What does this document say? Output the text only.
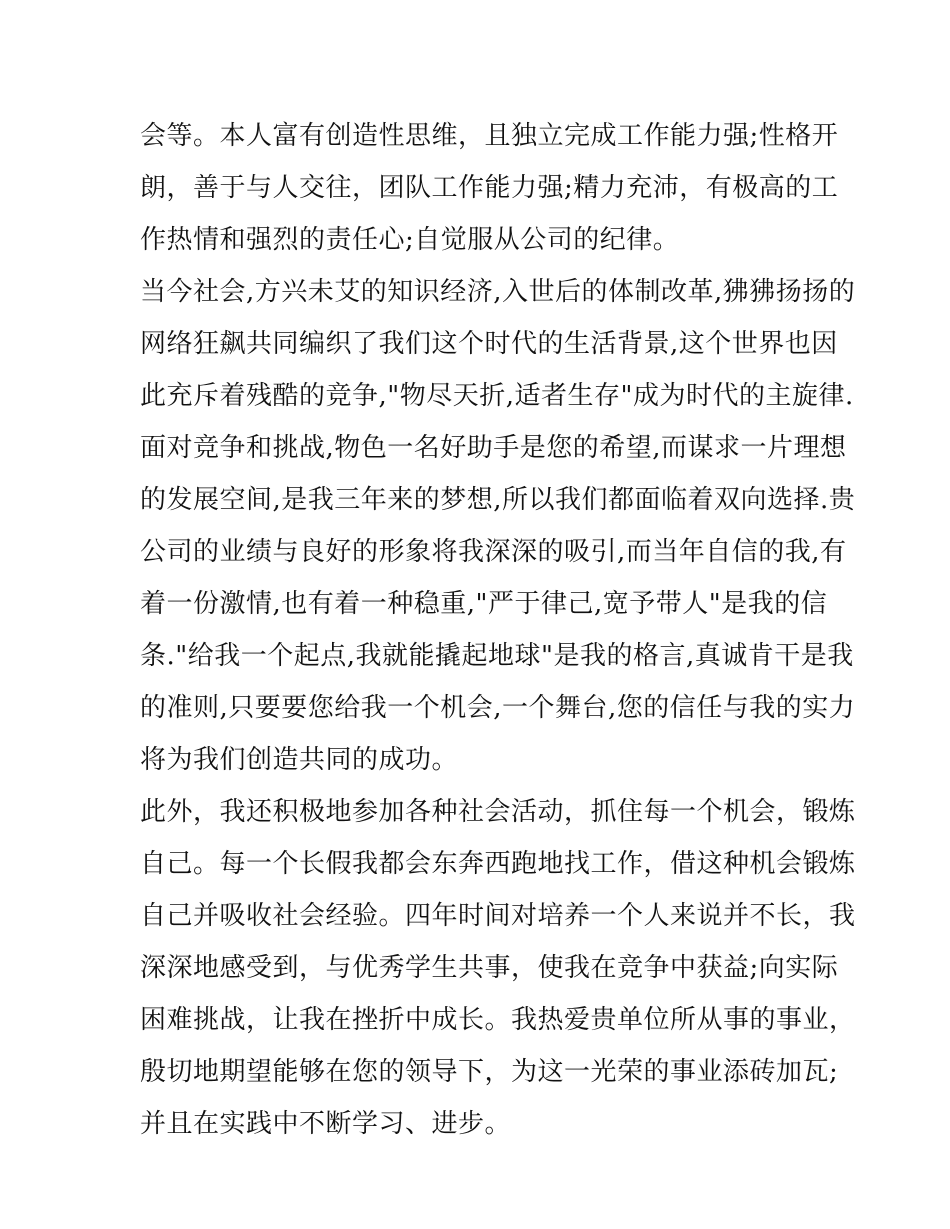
会等。本人富有创造性思维，且独立完成工作能力强;性格开
朗，善于与人交往，团队工作能力强;精力充沛，有极高的工
作热情和强烈的责任心;自觉服从公司的纪律。
当今社会,方兴未艾的知识经济,入世后的体制改革,狒狒扬扬的
网络狂飙共同编织了我们这个时代的生活背景,这个世界也因
此充斥着残酷的竞争,"物尽天折,适者生存"成为时代的主旋律.
面对竞争和挑战,物色一名好助手是您的希望,而谋求一片理想
的发展空间,是我三年来的梦想,所以我们都面临着双向选择.贵
公司的业绩与良好的形象将我深深的吸引,而当年自信的我,有
着一份激情,也有着一种稳重,"严于律己,宽予带人"是我的信
条."给我一个起点,我就能撬起地球"是我的格言,真诚肯干是我
的准则,只要要您给我一个机会,一个舞台,您的信任与我的实力
将为我们创造共同的成功。
此外，我还积极地参加各种社会活动，抓住每一个机会，锻炼
自己。每一个长假我都会东奔西跑地找工作，借这种机会锻炼
自己并吸收社会经验。四年时间对培养一个人来说并不长，我
深深地感受到，与优秀学生共事，使我在竞争中获益;向实际
困难挑战，让我在挫折中成长。我热爱贵单位所从事的事业，
殷切地期望能够在您的领导下，为这一光荣的事业添砖加瓦;
并且在实践中不断学习、进步。
